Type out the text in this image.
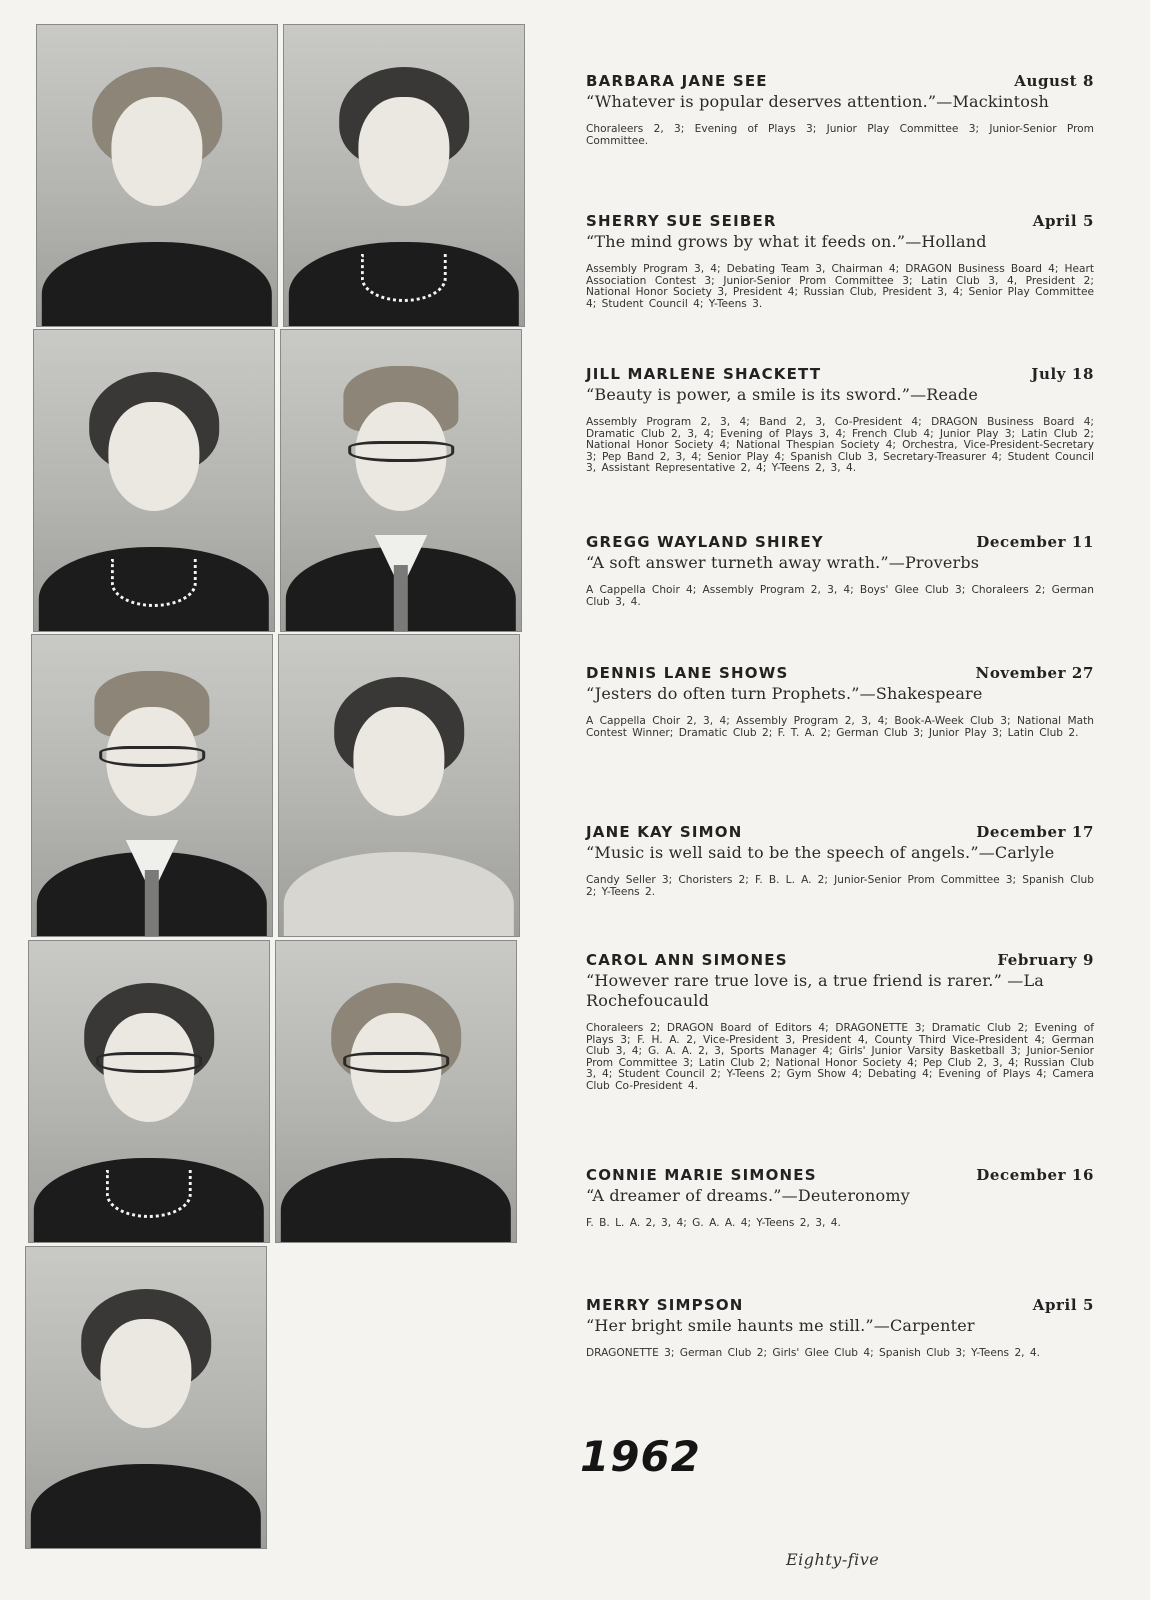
BARBARA JANE SEE	August 8
“Whatever is popular deserves attention.”—Mackintosh
Choraleers 2, 3; Evening of Plays 3; Junior Play Committee 3; Junior-Senior Prom Committee.
SHERRY SUE SEIBER	April 5
“The mind grows by what it feeds on.”—Holland
Assembly Program 3, 4; Debating Team 3, Chairman 4; DRAGON Business Board 4; Heart Association Contest 3; Junior-Senior Prom Committee 3; Latin Club 3, 4, President 2; National Honor Society 3, President 4; Russian Club, President 3, 4; Senior Play Committee 4; Student Council 4; Y-Teens 3.
JILL MARLENE SHACKETT	July 18
“Beauty is power, a smile is its sword.”—Reade
Assembly Program 2, 3, 4; Band 2, 3, Co-President 4; DRAGON Business Board 4; Dramatic Club 2, 3, 4; Evening of Plays 3, 4; French Club 4; Junior Play 3; Latin Club 2; National Honor Society 4; National Thespian Society 4; Orchestra, Vice-President-Secretary 3; Pep Band 2, 3, 4; Senior Play 4; Spanish Club 3, Secretary-Treasurer 4; Student Council 3, Assistant Representative 2, 4; Y-Teens 2, 3, 4.
GREGG WAYLAND SHIREY	December 11
“A soft answer turneth away wrath.”—Proverbs
A Cappella Choir 4; Assembly Program 2, 3, 4; Boys' Glee Club 3; Choraleers 2; German Club 3, 4.
DENNIS LANE SHOWS	November 27
“Jesters do often turn Prophets.”—Shakespeare
A Cappella Choir 2, 3, 4; Assembly Program 2, 3, 4; Book-A-Week Club 3; National Math Contest Winner; Dramatic Club 2; F. T. A. 2; German Club 3; Junior Play 3; Latin Club 2.
JANE KAY SIMON	December 17
“Music is well said to be the speech of angels.”—Carlyle
Candy Seller 3; Choristers 2; F. B. L. A. 2; Junior-Senior Prom Committee 3; Spanish Club 2; Y-Teens 2.
CAROL ANN SIMONES	February 9
“However rare true love is, a true friend is rarer.” —La Rochefoucauld
Choraleers 2; DRAGON Board of Editors 4; DRAGONETTE 3; Dramatic Club 2; Evening of Plays 3; F. H. A. 2, Vice-President 3, President 4, County Third Vice-President 4; German Club 3, 4; G. A. A. 2, 3, Sports Manager 4; Girls' Junior Varsity Basketball 3; Junior-Senior Prom Committee 3; Latin Club 2; National Honor Society 4; Pep Club 2, 3, 4; Russian Club 3, 4; Student Council 2; Y-Teens 2; Gym Show 4; Debating 4; Evening of Plays 4; Camera Club Co-President 4.
CONNIE MARIE SIMONES	December 16
“A dreamer of dreams.”—Deuteronomy
F. B. L. A. 2, 3, 4; G. A. A. 4; Y-Teens 2, 3, 4.
MERRY SIMPSON	April 5
“Her bright smile haunts me still.”—Carpenter
DRAGONETTE 3; German Club 2; Girls' Glee Club 4; Spanish Club 3; Y-Teens 2, 4.
1962
Eighty-five
